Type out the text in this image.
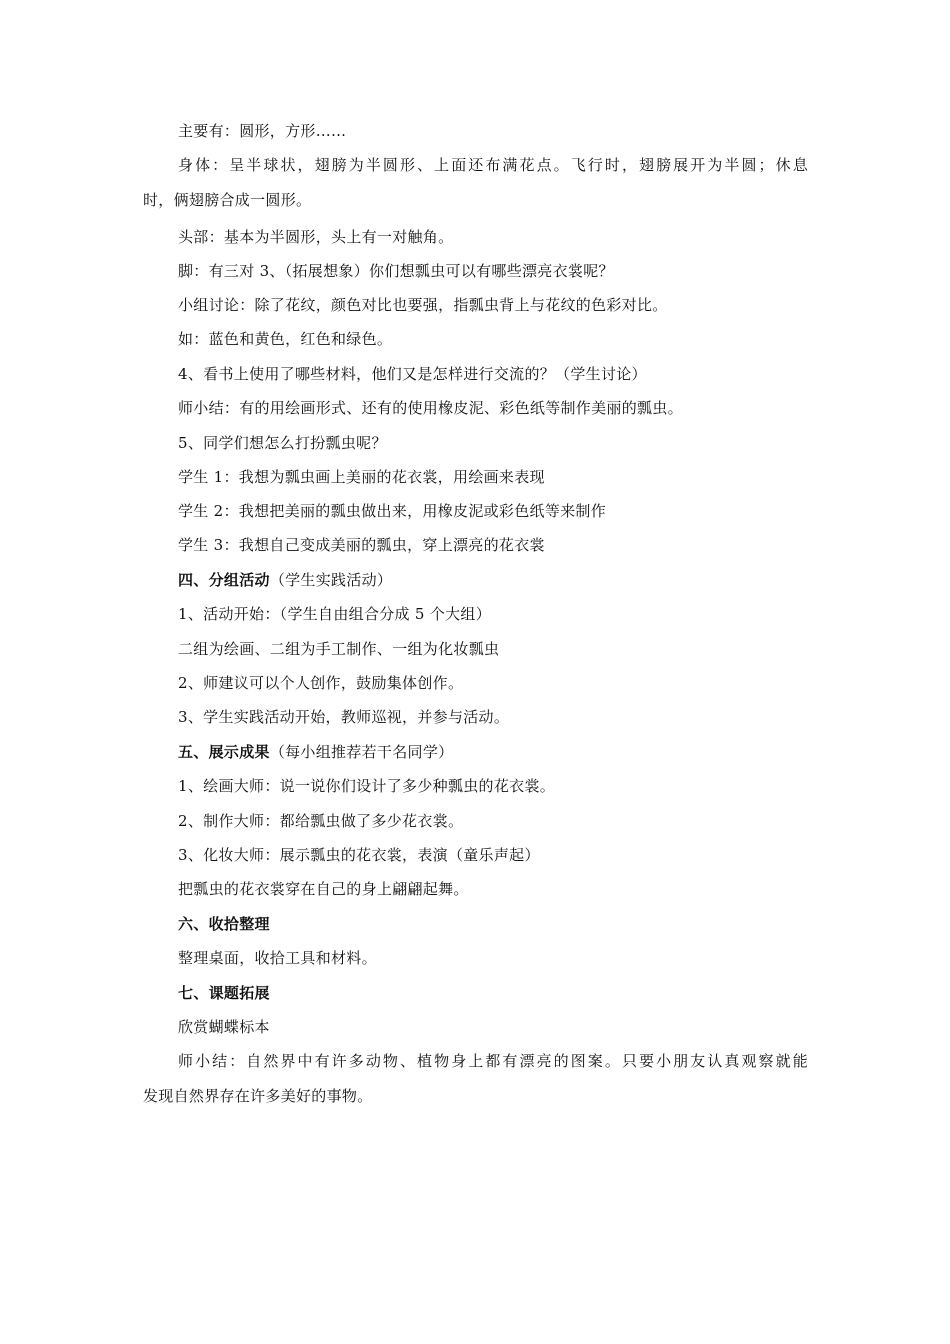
主要有：圆形，方形……
身体：呈半球状，翅膀为半圆形、上面还布满花点。飞行时，翅膀展开为半圆；休息
时，俩翅膀合成一圆形。
头部：基本为半圆形，头上有一对触角。
脚：有三对 3、（拓展想象）你们想瓢虫可以有哪些漂亮衣裳呢？
小组讨论：除了花纹，颜色对比也要强，指瓢虫背上与花纹的色彩对比。
如：蓝色和黄色，红色和绿色。
4、看书上使用了哪些材料，他们又是怎样进行交流的？（学生讨论）
师小结：有的用绘画形式、还有的使用橡皮泥、彩色纸等制作美丽的瓢虫。
5、同学们想怎么打扮瓢虫呢？
学生 1：我想为瓢虫画上美丽的花衣裳，用绘画来表现
学生 2：我想把美丽的瓢虫做出来，用橡皮泥或彩色纸等来制作
学生 3：我想自己变成美丽的瓢虫，穿上漂亮的花衣裳
四、分组活动（学生实践活动）
1、活动开始：（学生自由组合分成 5 个大组）
二组为绘画、二组为手工制作、一组为化妆瓢虫
2、师建议可以个人创作，鼓励集体创作。
3、学生实践活动开始，教师巡视，并参与活动。
五、展示成果（每小组推荐若干名同学）
1、绘画大师：说一说你们设计了多少种瓢虫的花衣裳。
2、制作大师：都给瓢虫做了多少花衣裳。
3、化妆大师：展示瓢虫的花衣裳，表演（童乐声起）
把瓢虫的花衣裳穿在自己的身上翩翩起舞。
六、收拾整理
整理桌面，收拾工具和材料。
七、课题拓展
欣赏蝴蝶标本
师小结：自然界中有许多动物、植物身上都有漂亮的图案。只要小朋友认真观察就能
发现自然界存在许多美好的事物。
